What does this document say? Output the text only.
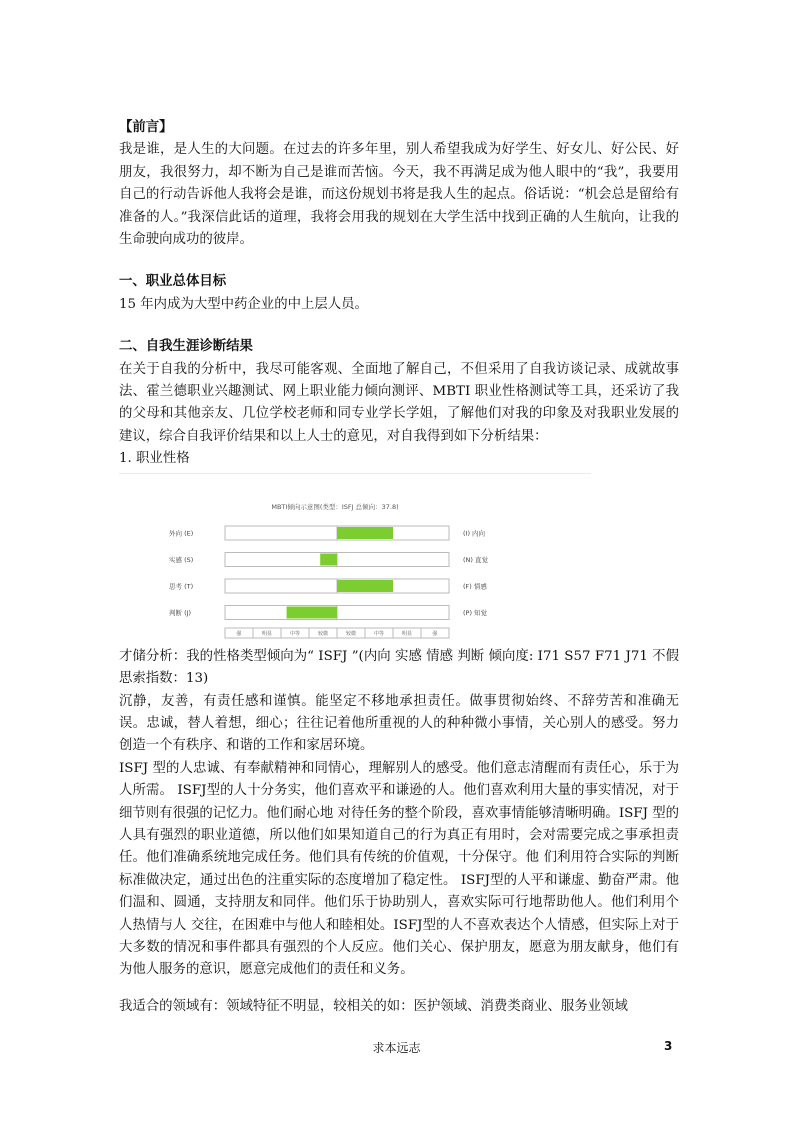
【前言】

我是谁，是人生的大问题。在过去的许多年里，别人希望我成为好学生、好女儿、好公民、好朋友，我很努力，却不断为自己是谁而苦恼。今天，我不再满足成为他人眼中的“我”，我要用自己的行动告诉他人我将会是谁，而这份规划书将是我人生的起点。俗话说：“机会总是留给有准备的人。”我深信此话的道理，我将会用我的规划在大学生活中找到正确的人生航向，让我的生命驶向成功的彼岸。

一、职业总体目标

15 年内成为大型中药企业的中上层人员。

二、自我生涯诊断结果

在关于自我的分析中，我尽可能客观、全面地了解自己，不但采用了自我访谈记录、成就故事法、霍兰德职业兴趣测试、网上职业能力倾向测评、MBTI 职业性格测试等工具，还采访了我的父母和其他亲友、几位学校老师和同专业学长学姐，了解他们对我的印象及对我职业发展的建议，综合自我评价结果和以上人士的意见，对自我得到如下分析结果：

1. 职业性格

MBTI倾向示意图(类型：ISFJ 总倾向：37.8)
外向 (E)	(I) 内向
实感 (S)	(N) 直觉
思考 (T)	(F) 情感
判断 (J)	(P) 知觉
强	明显	中等	较微	较微	中等	明显	强

才储分析：我的性格类型倾向为“ ISFJ ”(内向 实感 情感 判断 倾向度: I71 S57 F71 J71 不假思索指数：13)

沉静，友善，有责任感和谨慎。能坚定不移地承担责任。做事贯彻始终、不辞劳苦和准确无误。忠诚，替人着想，细心；往往记着他所重视的人的种种微小事情，关心别人的感受。努力创造一个有秩序、和谐的工作和家居环境。

ISFJ 型的人忠诚、有奉献精神和同情心，理解别人的感受。他们意志清醒而有责任心，乐于为人所需。 ISFJ型的人十分务实，他们喜欢平和谦逊的人。他们喜欢利用大量的事实情况，对于细节则有很强的记忆力。他们耐心地 对待任务的整个阶段，喜欢事情能够清晰明确。ISFJ 型的人具有强烈的职业道德，所以他们如果知道自己的行为真正有用时，会对需要完成之事承担责任。他们准确系统地完成任务。他们具有传统的价值观，十分保守。他 们利用符合实际的判断标准做决定，通过出色的注重实际的态度增加了稳定性。 ISFJ型的人平和谦虚、勤奋严肃。他们温和、圆通，支持朋友和同伴。他们乐于协助别人，喜欢实际可行地帮助他人。他们利用个人热情与人 交往，在困难中与他人和睦相处。ISFJ型的人不喜欢表达个人情感，但实际上对于大多数的情况和事件都具有强烈的个人反应。他们关心、保护朋友，愿意为朋友献身，他们有为他人服务的意识，愿意完成他们的责任和义务。

我适合的领域有：领域特征不明显，较相关的如：医护领域、消费类商业、服务业领域

求本远志	3
